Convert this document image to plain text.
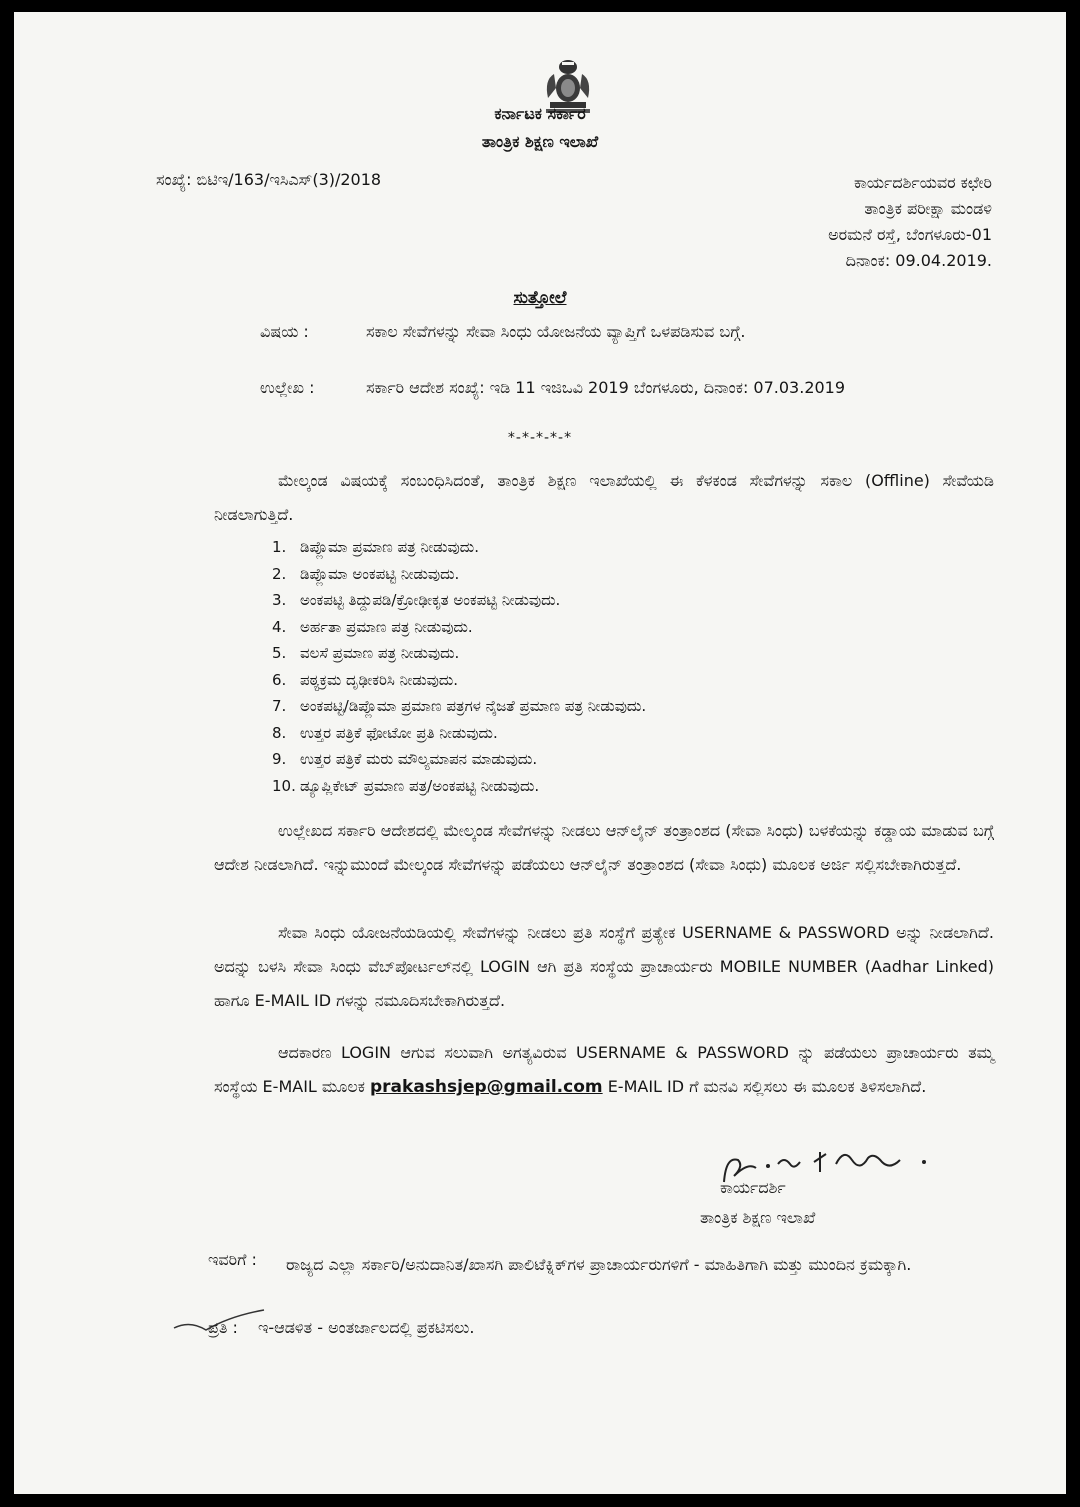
ಕರ್ನಾಟಕ ಸರ್ಕಾರ
ತಾಂತ್ರಿಕ ಶಿಕ್ಷಣ ಇಲಾಖೆ
ಸಂಖ್ಯೆ: ಬಿಟಿಇ/163/ಇಸಿಎಸ್(3)/2018	ಕಾರ್ಯದರ್ಶಿಯವರ ಕಛೇರಿ
ತಾಂತ್ರಿಕ ಪರೀಕ್ಷಾ ಮಂಡಳಿ
ಅರಮನೆ ರಸ್ತೆ, ಬೆಂಗಳೂರು-01
ದಿನಾಂಕ: 09.04.2019.
ಸುತ್ತೋಲೆ
ವಿಷಯ :	ಸಕಾಲ ಸೇವೆಗಳನ್ನು ಸೇವಾ ಸಿಂಧು ಯೋಜನೆಯ ವ್ಯಾಪ್ತಿಗೆ ಒಳಪಡಿಸುವ ಬಗ್ಗೆ.
ಉಲ್ಲೇಖ :	ಸರ್ಕಾರಿ ಆದೇಶ ಸಂಖ್ಯೆ: ಇಡಿ 11 ಇಜಿಒವಿ 2019 ಬೆಂಗಳೂರು, ದಿನಾಂಕ: 07.03.2019
*-*-*-*-*
ಮೇಲ್ಕಂಡ ವಿಷಯಕ್ಕೆ ಸಂಬಂಧಿಸಿದಂತೆ, ತಾಂತ್ರಿಕ ಶಿಕ್ಷಣ ಇಲಾಖೆಯಲ್ಲಿ ಈ ಕೆಳಕಂಡ ಸೇವೆಗಳನ್ನು ಸಕಾಲ (Offline) ಸೇವೆಯಡಿ ನೀಡಲಾಗುತ್ತಿದೆ.
1. ಡಿಪ್ಲೊಮಾ ಪ್ರಮಾಣ ಪತ್ರ ನೀಡುವುದು.
2. ಡಿಪ್ಲೊಮಾ ಅಂಕಪಟ್ಟಿ ನೀಡುವುದು.
3. ಅಂಕಪಟ್ಟಿ ತಿದ್ದುಪಡಿ/ಕ್ರೋಢೀಕೃತ ಅಂಕಪಟ್ಟಿ ನೀಡುವುದು.
4. ಅರ್ಹತಾ ಪ್ರಮಾಣ ಪತ್ರ ನೀಡುವುದು.
5. ವಲಸೆ ಪ್ರಮಾಣ ಪತ್ರ ನೀಡುವುದು.
6. ಪಠ್ಯಕ್ರಮ ದೃಢೀಕರಿಸಿ ನೀಡುವುದು.
7. ಅಂಕಪಟ್ಟಿ/ಡಿಪ್ಲೊಮಾ ಪ್ರಮಾಣ ಪತ್ರಗಳ ನೈಜತೆ ಪ್ರಮಾಣ ಪತ್ರ ನೀಡುವುದು.
8. ಉತ್ತರ ಪತ್ರಿಕೆ ಫೋಟೋ ಪ್ರತಿ ನೀಡುವುದು.
9. ಉತ್ತರ ಪತ್ರಿಕೆ ಮರು ಮೌಲ್ಯಮಾಪನ ಮಾಡುವುದು.
10. ಡ್ಯೂಪ್ಲಿಕೇಟ್ ಪ್ರಮಾಣ ಪತ್ರ/ಅಂಕಪಟ್ಟಿ ನೀಡುವುದು.
ಉಲ್ಲೇಖದ ಸರ್ಕಾರಿ ಆದೇಶದಲ್ಲಿ ಮೇಲ್ಕಂಡ ಸೇವೆಗಳನ್ನು ನೀಡಲು ಆನ್‌ಲೈನ್ ತಂತ್ರಾಂಶದ (ಸೇವಾ ಸಿಂಧು) ಬಳಕೆಯನ್ನು ಕಡ್ಡಾಯ ಮಾಡುವ ಬಗ್ಗೆ ಆದೇಶ ನೀಡಲಾಗಿದೆ. ಇನ್ನುಮುಂದೆ ಮೇಲ್ಕಂಡ ಸೇವೆಗಳನ್ನು ಪಡೆಯಲು ಆನ್‌ಲೈನ್ ತಂತ್ರಾಂಶದ (ಸೇವಾ ಸಿಂಧು) ಮೂಲಕ ಅರ್ಜಿ ಸಲ್ಲಿಸಬೇಕಾಗಿರುತ್ತದೆ.
ಸೇವಾ ಸಿಂಧು ಯೋಜನೆಯಡಿಯಲ್ಲಿ ಸೇವೆಗಳನ್ನು ನೀಡಲು ಪ್ರತಿ ಸಂಸ್ಥೆಗೆ ಪ್ರತ್ಯೇಕ USERNAME & PASSWORD ಅನ್ನು ನೀಡಲಾಗಿದೆ. ಅದನ್ನು ಬಳಸಿ ಸೇವಾ ಸಿಂಧು ವೆಬ್‌ಪೋರ್ಟಲ್‌ನಲ್ಲಿ LOGIN ಆಗಿ ಪ್ರತಿ ಸಂಸ್ಥೆಯ ಪ್ರಾಚಾರ್ಯರು MOBILE NUMBER (Aadhar Linked) ಹಾಗೂ E-MAIL ID ಗಳನ್ನು ನಮೂದಿಸಬೇಕಾಗಿರುತ್ತದೆ.
ಆದಕಾರಣ LOGIN ಆಗುವ ಸಲುವಾಗಿ ಅಗತ್ಯವಿರುವ USERNAME & PASSWORD ನ್ನು ಪಡೆಯಲು ಪ್ರಾಚಾರ್ಯರು ತಮ್ಮ ಸಂಸ್ಥೆಯ E-MAIL ಮೂಲಕ prakashsjep@gmail.com E-MAIL ID ಗೆ ಮನವಿ ಸಲ್ಲಿಸಲು ಈ ಮೂಲಕ ತಿಳಿಸಲಾಗಿದೆ.
ಕಾರ್ಯದರ್ಶಿ
ತಾಂತ್ರಿಕ ಶಿಕ್ಷಣ ಇಲಾಖೆ
ಇವರಿಗೆ : ರಾಜ್ಯದ ಎಲ್ಲಾ ಸರ್ಕಾರಿ/ಅನುದಾನಿತ/ಖಾಸಗಿ ಪಾಲಿಟೆಕ್ನಿಕ್‌ಗಳ ಪ್ರಾಚಾರ್ಯರುಗಳಿಗೆ - ಮಾಹಿತಿಗಾಗಿ ಮತ್ತು ಮುಂದಿನ ಕ್ರಮಕ್ಕಾಗಿ.
ಪ್ರತಿ : ಇ-ಆಡಳಿತ - ಅಂತರ್ಜಾಲದಲ್ಲಿ ಪ್ರಕಟಿಸಲು.
